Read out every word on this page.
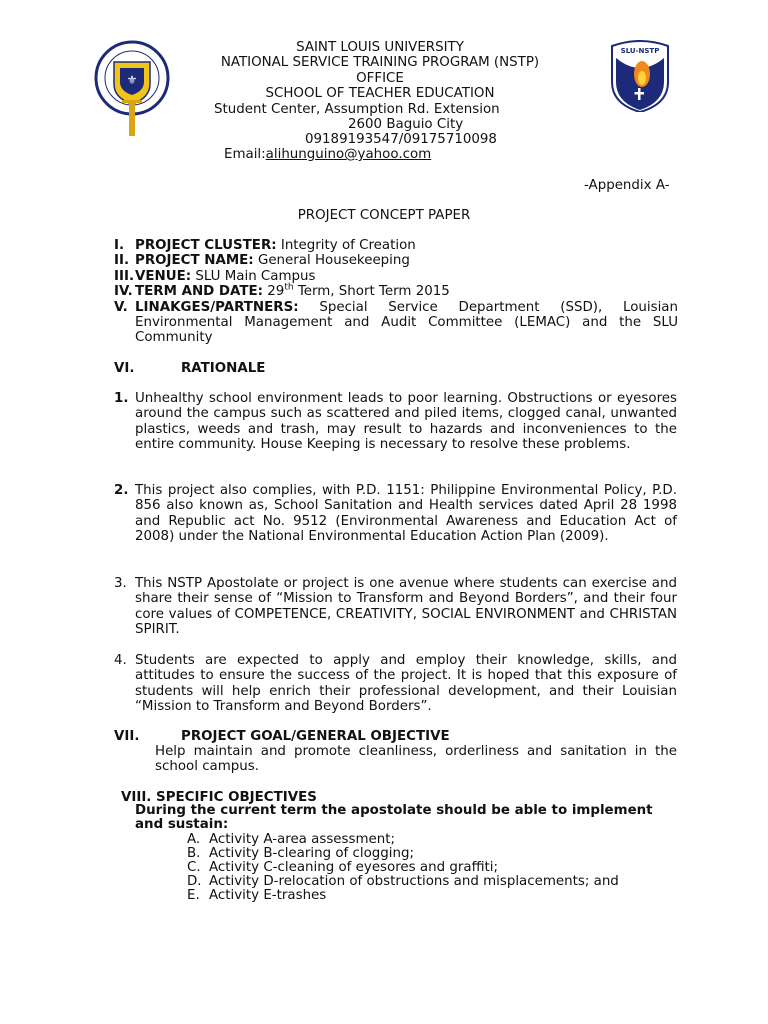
⚜
SLU-NSTP
SAINT LOUIS UNIVERSITY
NATIONAL SERVICE TRAINING PROGRAM (NSTP)
OFFICE
SCHOOL OF TEACHER EDUCATION
Student Center, Assumption Rd. Extension
2600 Baguio City
09189193547/09175710098
Email:alihunguino@yahoo.com
-Appendix A-
PROJECT CONCEPT PAPER
I. PROJECT CLUSTER: Integrity of Creation
II. PROJECT NAME: General Housekeeping
III. VENUE: SLU Main Campus
IV. TERM AND DATE: 29th Term, Short Term 2015
V. LINAKGES/PARTNERS: Special Service Department (SSD), Louisian Environmental Management and Audit Committee (LEMAC) and the SLU Community
VI.	RATIONALE
1. Unhealthy school environment leads to poor learning. Obstructions or eyesores around the campus such as scattered and piled items, clogged canal, unwanted plastics, weeds and trash, may result to hazards and inconveniences to the entire community. House Keeping is necessary to resolve these problems.
2. This project also complies, with P.D. 1151: Philippine Environmental Policy, P.D. 856 also known as, School Sanitation and Health services dated April 28 1998 and Republic act No. 9512 (Environmental Awareness and Education Act of 2008) under the National Environmental Education Action Plan (2009).
3. This NSTP Apostolate or project is one avenue where students can exercise and share their sense of “Mission to Transform and Beyond Borders”, and their four core values of COMPETENCE, CREATIVITY, SOCIAL ENVIRONMENT and CHRISTAN SPIRIT.
4. Students are expected to apply and employ their knowledge, skills, and attitudes to ensure the success of the project. It is hoped that this exposure of students will help enrich their professional development, and their Louisian “Mission to Transform and Beyond Borders”.
VII.	PROJECT GOAL/GENERAL OBJECTIVE
Help maintain and promote cleanliness, orderliness and sanitation in the school campus.
VIII. SPECIFIC OBJECTIVES
During the current term the apostolate should be able to implement and sustain:
A. Activity A-area assessment;
B. Activity B-clearing of clogging;
C. Activity C-cleaning of eyesores and graffiti;
D. Activity D-relocation of obstructions and misplacements; and
E. Activity E-trashes
